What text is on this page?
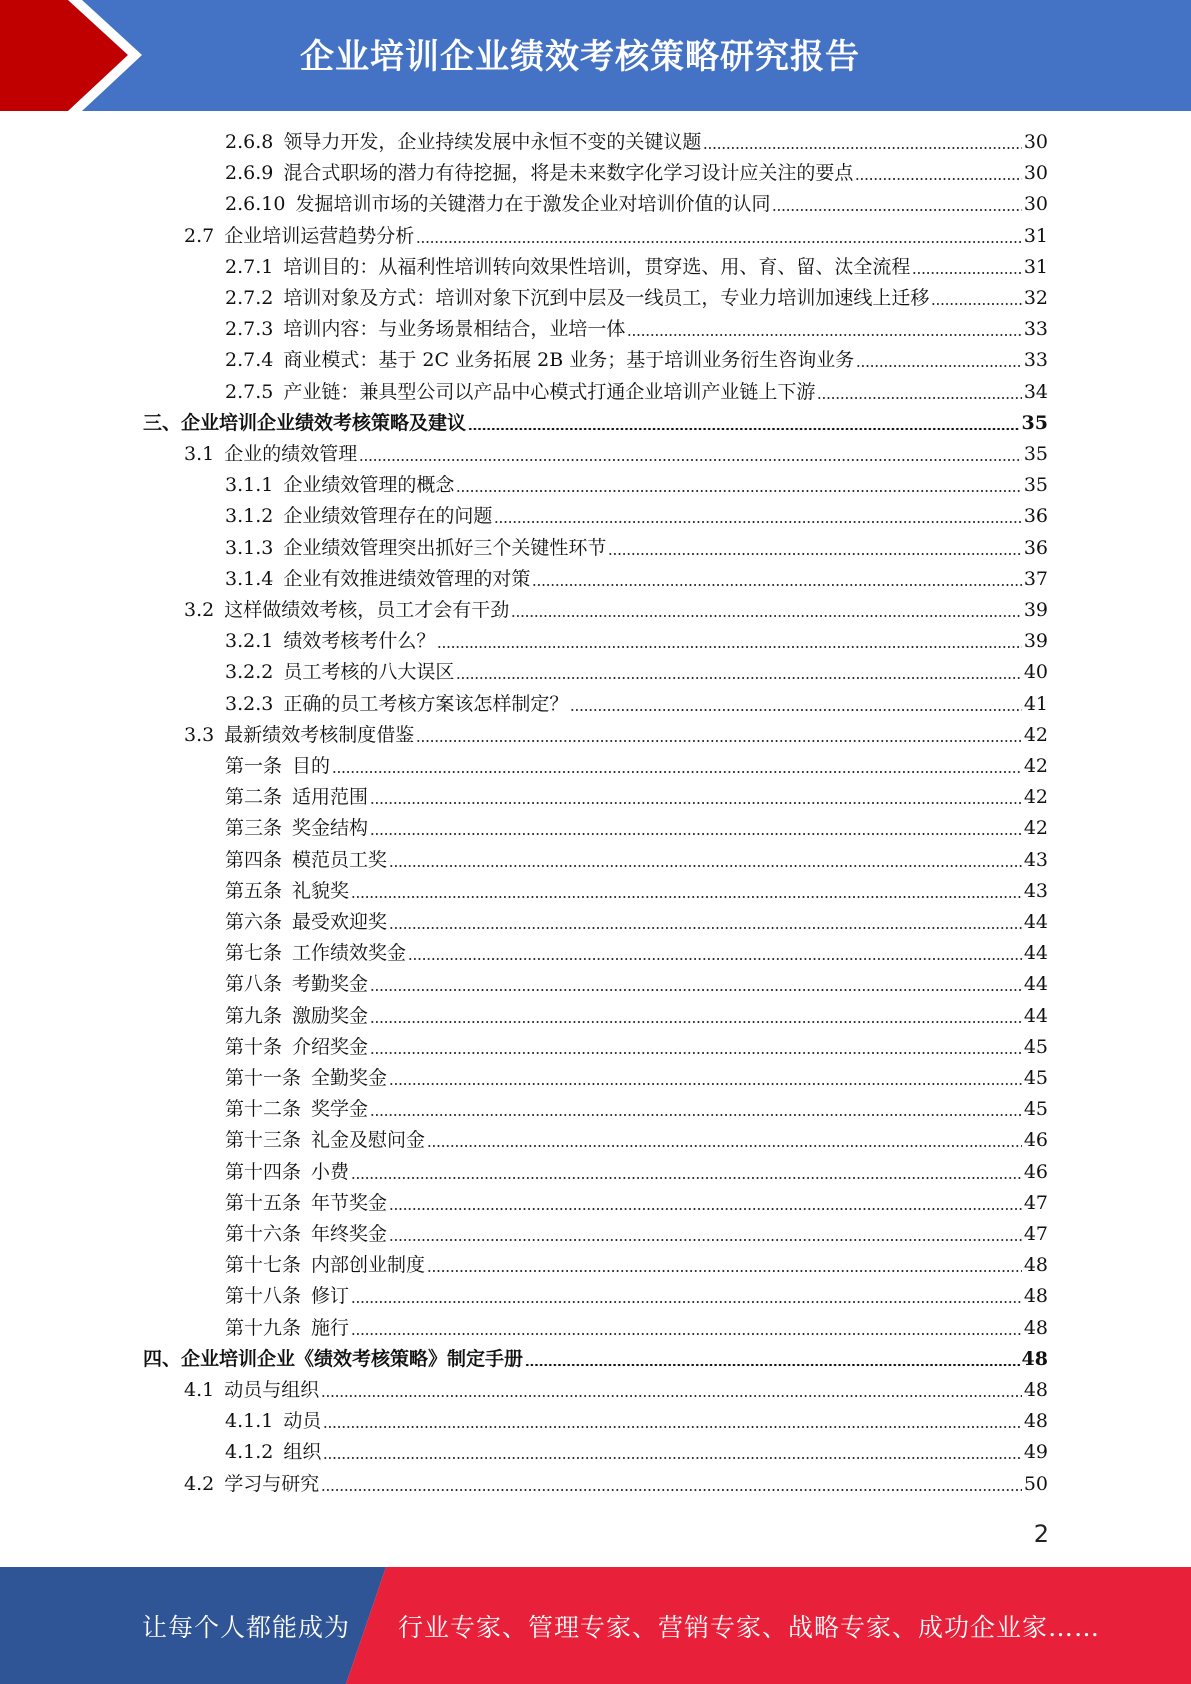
企业培训企业绩效考核策略研究报告
2.6.8 领导力开发，企业持续发展中永恒不变的关键议题	30
2.6.9 混合式职场的潜力有待挖掘，将是未来数字化学习设计应关注的要点	30
2.6.10 发掘培训市场的关键潜力在于激发企业对培训价值的认同	30
2.7 企业培训运营趋势分析	31
2.7.1 培训目的：从福利性培训转向效果性培训，贯穿选、用、育、留、汰全流程	31
2.7.2 培训对象及方式：培训对象下沉到中层及一线员工，专业力培训加速线上迁移	32
2.7.3 培训内容：与业务场景相结合，业培一体	33
2.7.4 商业模式：基于 2C 业务拓展 2B 业务；基于培训业务衍生咨询业务	33
2.7.5 产业链：兼具型公司以产品中心模式打通企业培训产业链上下游	34
三、 企业培训企业绩效考核策略及建议	35
3.1 企业的绩效管理	35
3.1.1 企业绩效管理的概念	35
3.1.2 企业绩效管理存在的问题	36
3.1.3 企业绩效管理突出抓好三个关键性环节	36
3.1.4 企业有效推进绩效管理的对策	37
3.2 这样做绩效考核，员工才会有干劲	39
3.2.1 绩效考核考什么？	39
3.2.2 员工考核的八大误区	40
3.2.3 正确的员工考核方案该怎样制定？	41
3.3 最新绩效考核制度借鉴	42
第一条 目的	42
第二条 适用范围	42
第三条 奖金结构	42
第四条 模范员工奖	43
第五条 礼貌奖	43
第六条 最受欢迎奖	44
第七条 工作绩效奖金	44
第八条 考勤奖金	44
第九条 激励奖金	44
第十条 介绍奖金	45
第十一条 全勤奖金	45
第十二条 奖学金	45
第十三条 礼金及慰问金	46
第十四条 小费	46
第十五条 年节奖金	47
第十六条 年终奖金	47
第十七条 内部创业制度	48
第十八条 修订	48
第十九条 施行	48
四、 企业培训企业《绩效考核策略》制定手册	48
4.1 动员与组织	48
4.1.1 动员	48
4.1.2 组织	49
4.2 学习与研究	50
2
让每个人都能成为 行业专家、管理专家、营销专家、战略专家、成功企业家……
